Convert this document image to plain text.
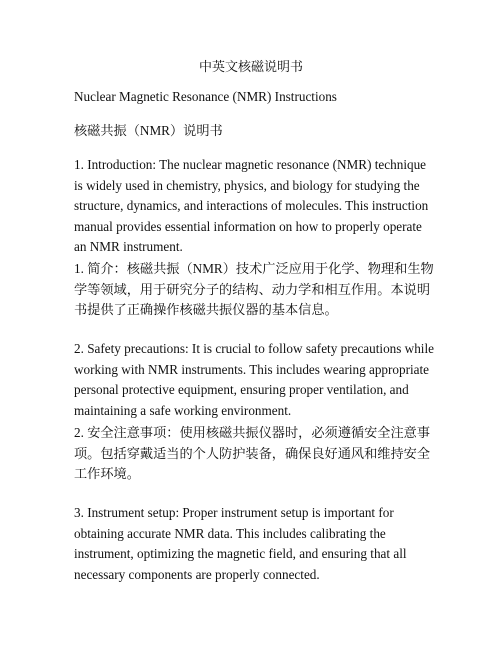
中英文核磁说明书

Nuclear Magnetic Resonance (NMR) Instructions

核磁共振（NMR）说明书

1. Introduction: The nuclear magnetic resonance (NMR) technique is widely used in chemistry, physics, and biology for studying the structure, dynamics, and interactions of molecules. This instruction manual provides essential information on how to properly operate an NMR instrument.

1. 简介：核磁共振（NMR）技术广泛应用于化学、物理和生物学等领域，用于研究分子的结构、动力学和相互作用。本说明书提供了正确操作核磁共振仪器的基本信息。

2. Safety precautions: It is crucial to follow safety precautions while working with NMR instruments. This includes wearing appropriate personal protective equipment, ensuring proper ventilation, and maintaining a safe working environment.

2. 安全注意事项：使用核磁共振仪器时，必须遵循安全注意事项。包括穿戴适当的个人防护装备，确保良好通风和维持安全工作环境。

3. Instrument setup: Proper instrument setup is important for obtaining accurate NMR data. This includes calibrating the instrument, optimizing the magnetic field, and ensuring that all necessary components are properly connected.
